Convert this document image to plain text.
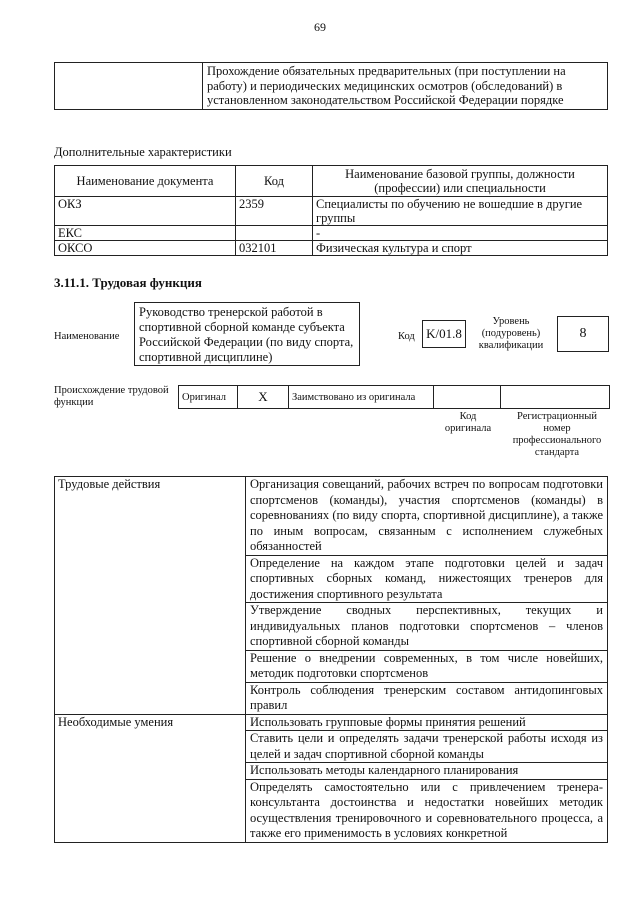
69
	Прохождение обязательных предварительных (при поступлении на работу) и периодических медицинских осмотров (обследований) в установленном законодательством Российской Федерации порядке
Дополнительные характеристики
Наименование документа	Код	Наименование базовой группы, должности (профессии) или специальности
ОКЗ	2359	Специалисты по обучению не вошедшие в другие группы
ЕКС		-
ОКСО	032101	Физическая культура и спорт
3.11.1. Трудовая функция
Наименование
Руководство тренерской работой в спортивной сборной команде субъекта Российской Федерации (по виду спорта, спортивной дисциплине)
Код K/01.8
Уровень (подуровень) квалификации
8
Происхождение трудовой функции	Оригинал	X	Заимствовано из оригинала		
Код оригинала
Регистрационный номер профессионального стандарта
Трудовые действия	Организация совещаний, рабочих встреч по вопросам подготовки спортсменов (команды), участия спортсменов (команды) в соревнованиях (по виду спорта, спортивной дисциплине), а также по иным вопросам, связанным с исполнением служебных обязанностей
	Определение на каждом этапе подготовки целей и задач спортивных сборных команд, нижестоящих тренеров для достижения спортивного результата
	Утверждение сводных перспективных, текущих и индивидуальных планов подготовки спортсменов – членов спортивной сборной команды
	Решение о внедрении современных, в том числе новейших, методик подготовки спортсменов
	Контроль соблюдения тренерским составом антидопинговых правил
Необходимые умения	Использовать групповые формы принятия решений
	Ставить цели и определять задачи тренерской работы исходя из целей и задач спортивной сборной команды
	Использовать методы календарного планирования
	Определять самостоятельно или с привлечением тренера-консультанта достоинства и недостатки новейших методик осуществления тренировочного и соревновательного процесса, а также его применимость в условиях конкретной
